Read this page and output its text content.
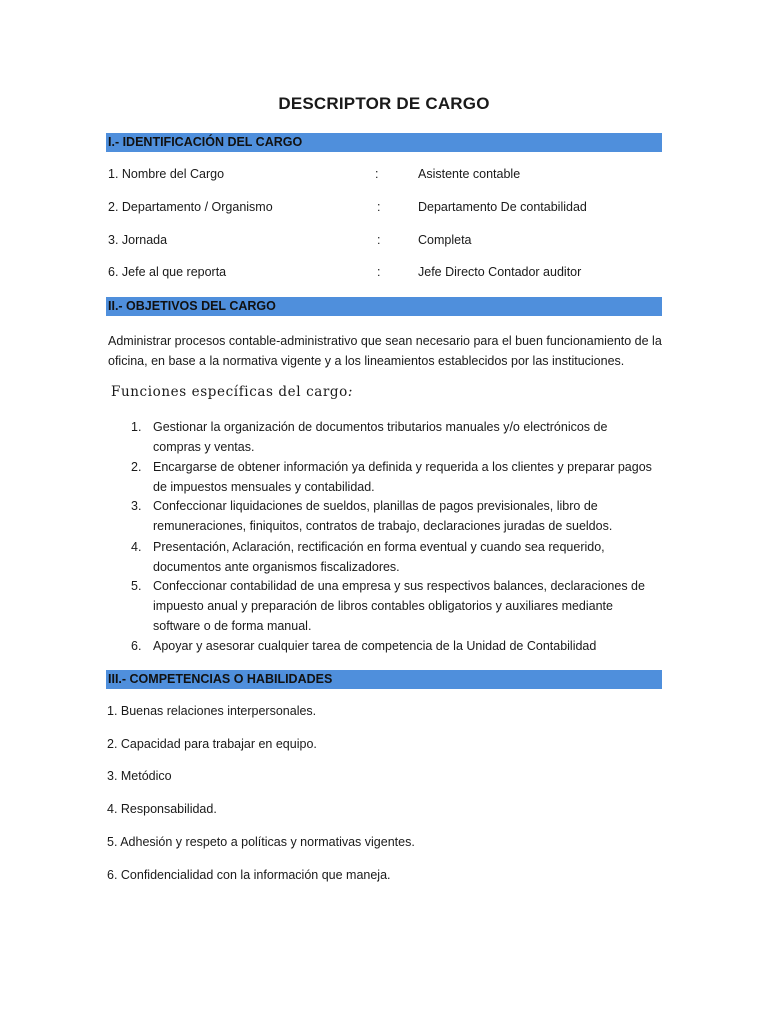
DESCRIPTOR DE CARGO
I.- IDENTIFICACIÓN DEL CARGO
1. Nombre del Cargo	:	Asistente contable
2. Departamento / Organismo	:	Departamento De contabilidad
3. Jornada	:	Completa
6. Jefe al que reporta	:	Jefe Directo Contador auditor
II.- OBJETIVOS DEL CARGO
Administrar procesos contable-administrativo que sean necesario para el buen funcionamiento de la oficina, en base a la normativa vigente y a los lineamientos establecidos por las instituciones.
Funciones específicas del cargo:
1. Gestionar la organización de documentos tributarios manuales y/o electrónicos de compras y ventas.
2. Encargarse de obtener información ya definida y requerida a los clientes y preparar pagos de impuestos mensuales y contabilidad.
3. Confeccionar liquidaciones de sueldos, planillas de pagos previsionales, libro de remuneraciones, finiquitos, contratos de trabajo, declaraciones juradas de sueldos.
4. Presentación, Aclaración, rectificación en forma eventual y cuando sea requerido, documentos ante organismos fiscalizadores.
5. Confeccionar contabilidad de una empresa y sus respectivos balances, declaraciones de impuesto anual y preparación de libros contables obligatorios y auxiliares mediante software o de forma manual.
6. Apoyar y asesorar cualquier tarea de competencia de la Unidad de Contabilidad
III.- COMPETENCIAS O HABILIDADES
1. Buenas relaciones interpersonales.
2. Capacidad para trabajar en equipo.
3. Metódico
4. Responsabilidad.
5. Adhesión y respeto a políticas y normativas vigentes.
6. Confidencialidad con la información que maneja.
